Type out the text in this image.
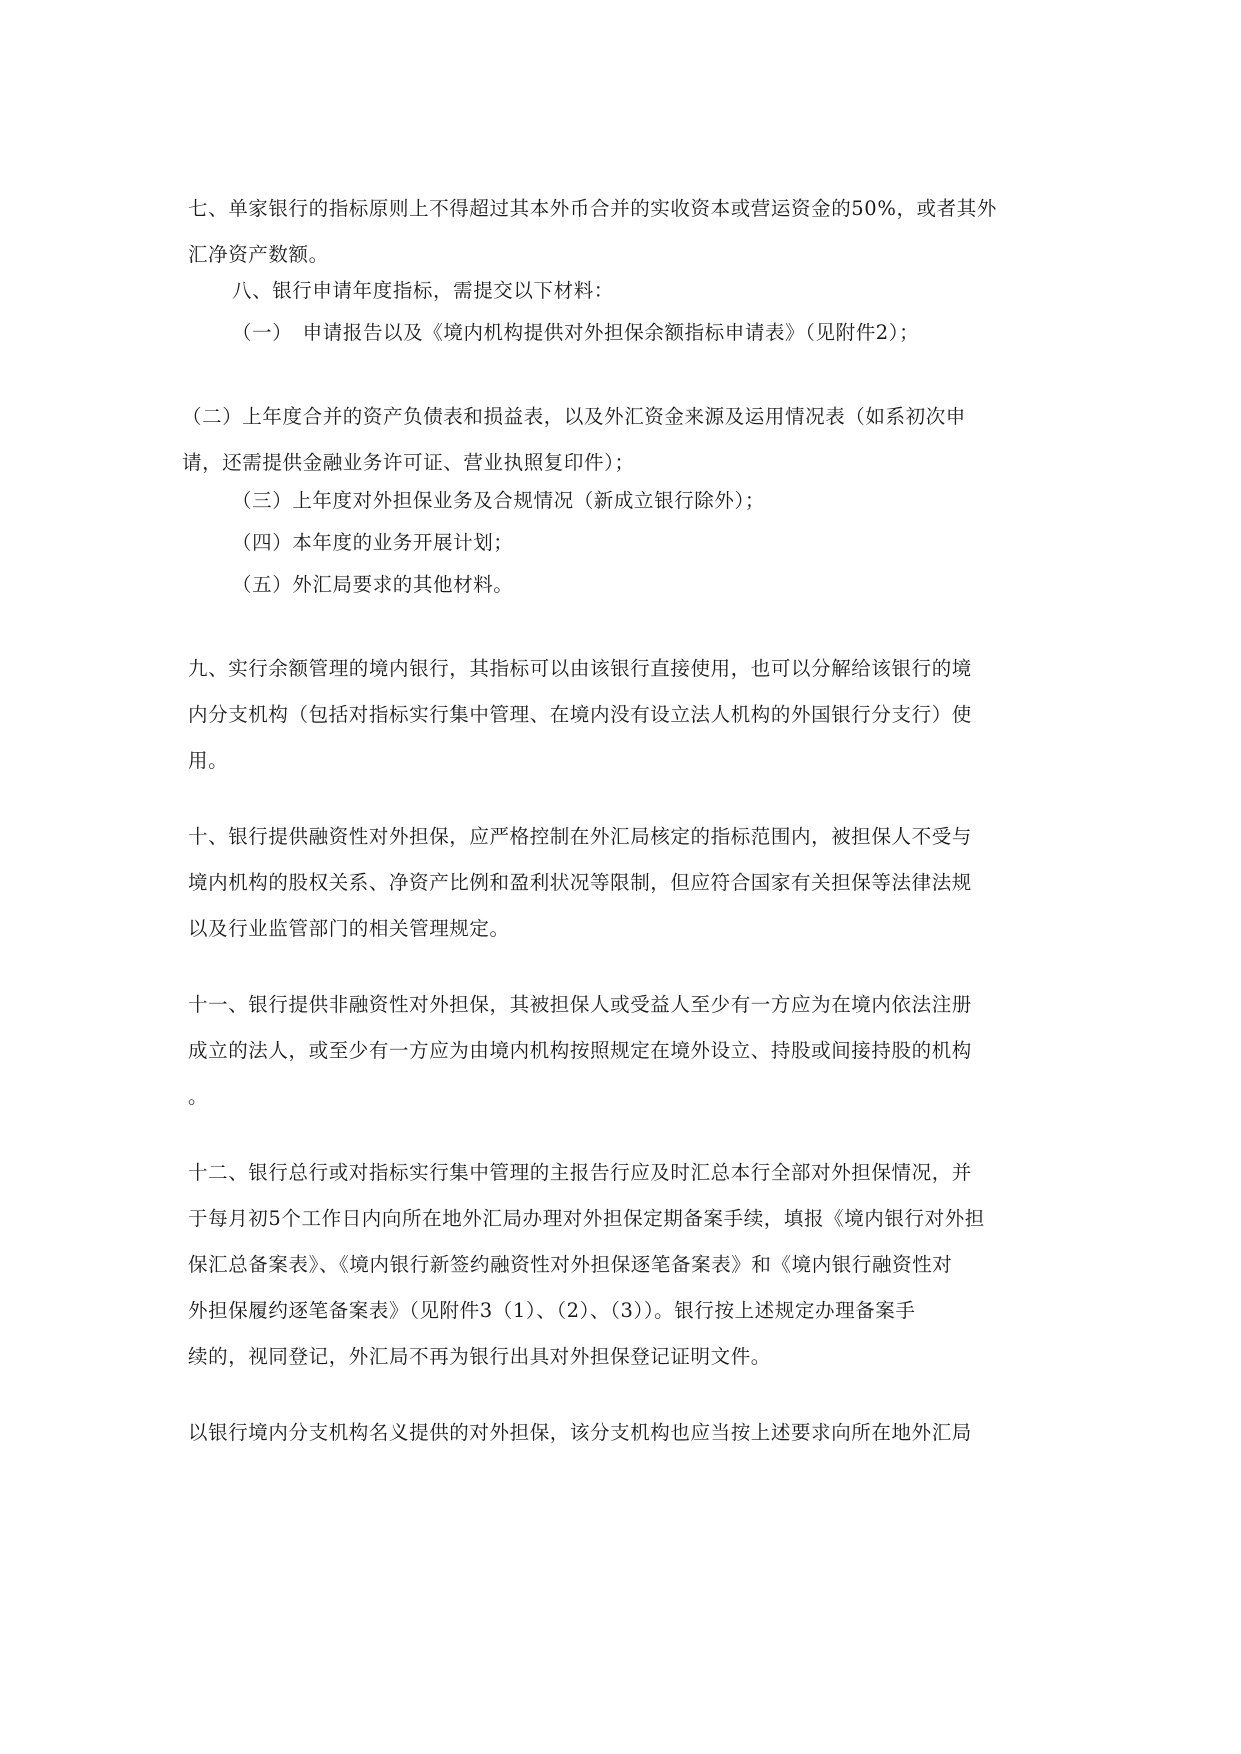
七、单家银行的指标原则上不得超过其本外币合并的实收资本或营运资金的50%，或者其外
汇净资产数额。
八、银行申请年度指标，需提交以下材料：
（一）　申请报告以及《境内机构提供对外担保余额指标申请表》（见附件2）；
（二）上年度合并的资产负债表和损益表，以及外汇资金来源及运用情况表（如系初次申
请，还需提供金融业务许可证、营业执照复印件）；
（三）上年度对外担保业务及合规情况（新成立银行除外）；
（四）本年度的业务开展计划；
（五）外汇局要求的其他材料。
九、实行余额管理的境内银行，其指标可以由该银行直接使用，也可以分解给该银行的境
内分支机构（包括对指标实行集中管理、在境内没有设立法人机构的外国银行分支行）使
用。
十、银行提供融资性对外担保，应严格控制在外汇局核定的指标范围内，被担保人不受与
境内机构的股权关系、净资产比例和盈利状况等限制，但应符合国家有关担保等法律法规
以及行业监管部门的相关管理规定。
十一、银行提供非融资性对外担保，其被担保人或受益人至少有一方应为在境内依法注册
成立的法人，或至少有一方应为由境内机构按照规定在境外设立、持股或间接持股的机构
。
十二、银行总行或对指标实行集中管理的主报告行应及时汇总本行全部对外担保情况，并
于每月初5个工作日内向所在地外汇局办理对外担保定期备案手续，填报《境内银行对外担
保汇总备案表》、《境内银行新签约融资性对外担保逐笔备案表》和《境内银行融资性对
外担保履约逐笔备案表》（见附件3（1）、（2）、（3））。银行按上述规定办理备案手
续的，视同登记，外汇局不再为银行出具对外担保登记证明文件。
以银行境内分支机构名义提供的对外担保，该分支机构也应当按上述要求向所在地外汇局
